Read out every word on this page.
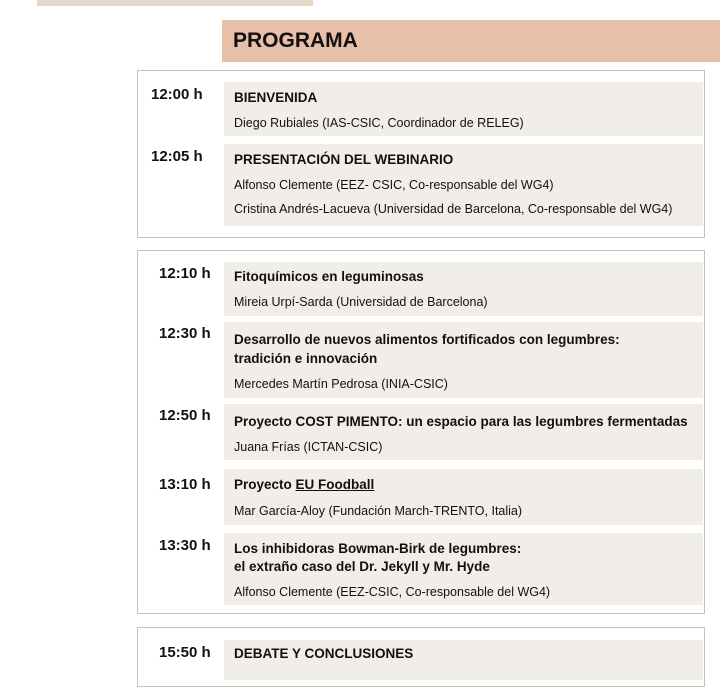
PROGRAMA
12:00 h BIENVENIDA
Diego Rubiales (IAS-CSIC, Coordinador de RELEG)
12:05 h PRESENTACIÓN DEL WEBINARIO
Alfonso Clemente (EEZ- CSIC, Co-responsable del WG4)
Cristina Andrés-Lacueva (Universidad de Barcelona, Co-responsable del WG4)
12:10 h Fitoquímicos en leguminosas
Mireia Urpí-Sarda (Universidad de Barcelona)
12:30 h Desarrollo de nuevos alimentos fortificados con legumbres:
tradición e innovación
Mercedes Martín Pedrosa (INIA-CSIC)
12:50 h Proyecto COST PIMENTO: un espacio para las legumbres fermentadas
Juana Frías (ICTAN-CSIC)
13:10 h Proyecto EU Foodball
Mar García-Aloy (Fundación March-TRENTO, Italia)
13:30 h Los inhibidoras Bowman-Birk de legumbres:
el extraño caso del Dr. Jekyll y Mr. Hyde
Alfonso Clemente (EEZ-CSIC, Co-responsable del WG4)
15:50 h DEBATE Y CONCLUSIONES
